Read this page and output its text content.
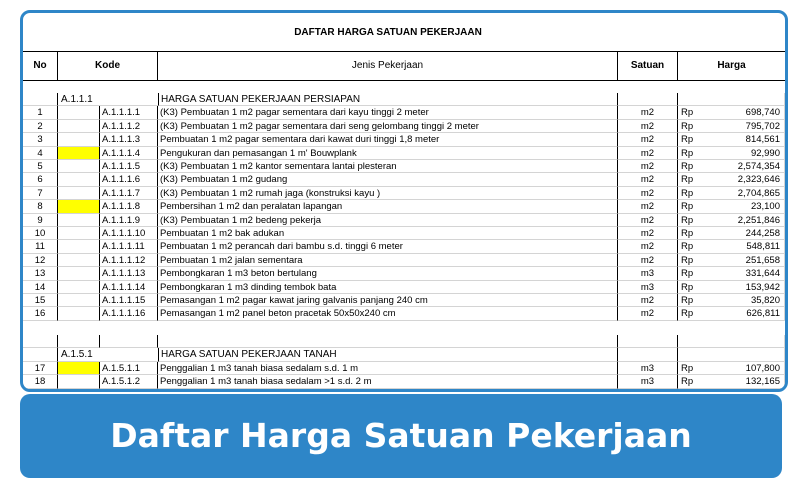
DAFTAR HARGA SATUAN PEKERJAAN
No	Kode	Jenis Pekerjaan	Satuan	Harga
A.1.1.1	HARGA SATUAN PEKERJAAN PERSIAPAN
1	A.1.1.1.1	(K3) Pembuatan 1 m2 pagar sementara dari kayu tinggi 2 meter	m2	Rp	698,740
2	A.1.1.1.2	(K3) Pembuatan 1 m2 pagar sementara dari seng gelombang tinggi 2 meter	m2	Rp	795,702
3	A.1.1.1.3	Pembuatan 1 m2 pagar sementara dari kawat duri tinggi 1,8 meter	m2	Rp	814,561
4	A.1.1.1.4	Pengukuran dan pemasangan 1 m' Bouwplank	m2	Rp	92,990
5	A.1.1.1.5	(K3) Pembuatan 1 m2 kantor sementara lantai plesteran	m2	Rp	2,574,354
6	A.1.1.1.6	(K3) Pembuatan 1 m2 gudang	m2	Rp	2,323,646
7	A.1.1.1.7	(K3) Pembuatan 1 m2 rumah jaga (konstruksi kayu )	m2	Rp	2,704,865
8	A.1.1.1.8	Pembersihan 1 m2 dan peralatan lapangan	m2	Rp	23,100
9	A.1.1.1.9	(K3) Pembuatan 1 m2 bedeng pekerja	m2	Rp	2,251,846
10	A.1.1.1.10	Pembuatan 1 m2 bak adukan	m2	Rp	244,258
11	A.1.1.1.11	Pembuatan 1 m2 perancah dari bambu s.d. tinggi 6 meter	m2	Rp	548,811
12	A.1.1.1.12	Pembuatan 1 m2 jalan sementara	m2	Rp	251,658
13	A.1.1.1.13	Pembongkaran 1 m3 beton bertulang	m3	Rp	331,644
14	A.1.1.1.14	Pembongkaran 1 m3 dinding tembok bata	m3	Rp	153,942
15	A.1.1.1.15	Pemasangan 1 m2 pagar kawat jaring galvanis panjang 240 cm	m2	Rp	35,820
16	A.1.1.1.16	Pemasangan 1 m2 panel beton pracetak 50x50x240 cm	m2	Rp	626,811
A.1.5.1	HARGA SATUAN PEKERJAAN TANAH
17	A.1.5.1.1	Penggalian 1 m3 tanah biasa sedalam s.d. 1 m	m3	Rp	107,800
18	A.1.5.1.2	Penggalian 1 m3 tanah biasa sedalam >1 s.d. 2 m	m3	Rp	132,165
Daftar Harga Satuan Pekerjaan
